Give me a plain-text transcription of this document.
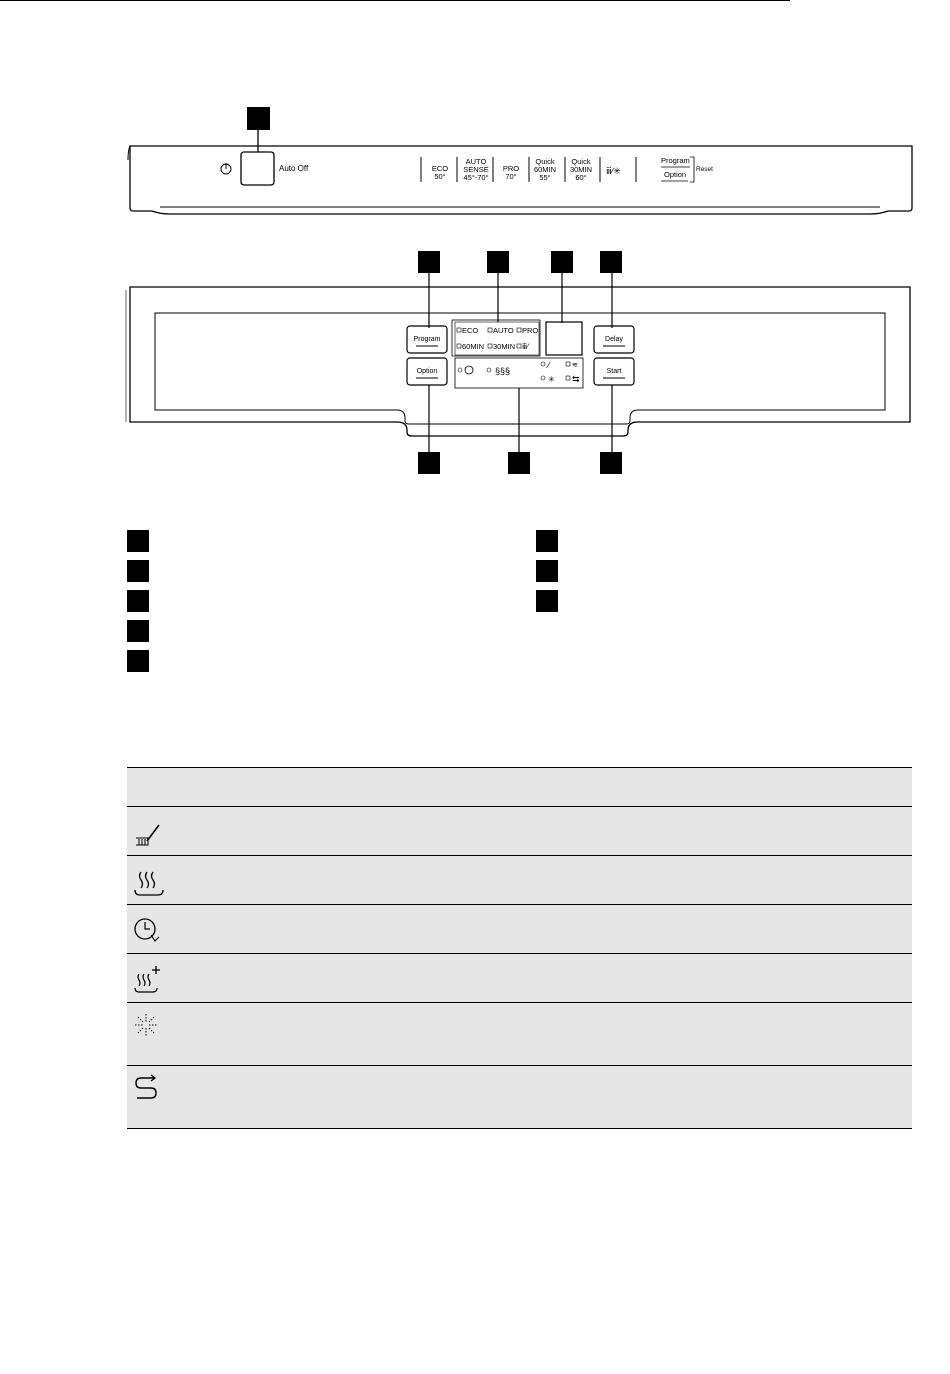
ⅲ∕✳
ⅲ∕
§§§
∕	≋
✳ ⇆
Auto Off	ECO
50°
AUTO
SENSE
45°-70°
PRO
70°
Quick
60MIN
55°
Quick
30MIN
60°
Program
Option
Reset
Program
Option
Delay
Start
ECO AUTO PRO
60MIN 30MIN
